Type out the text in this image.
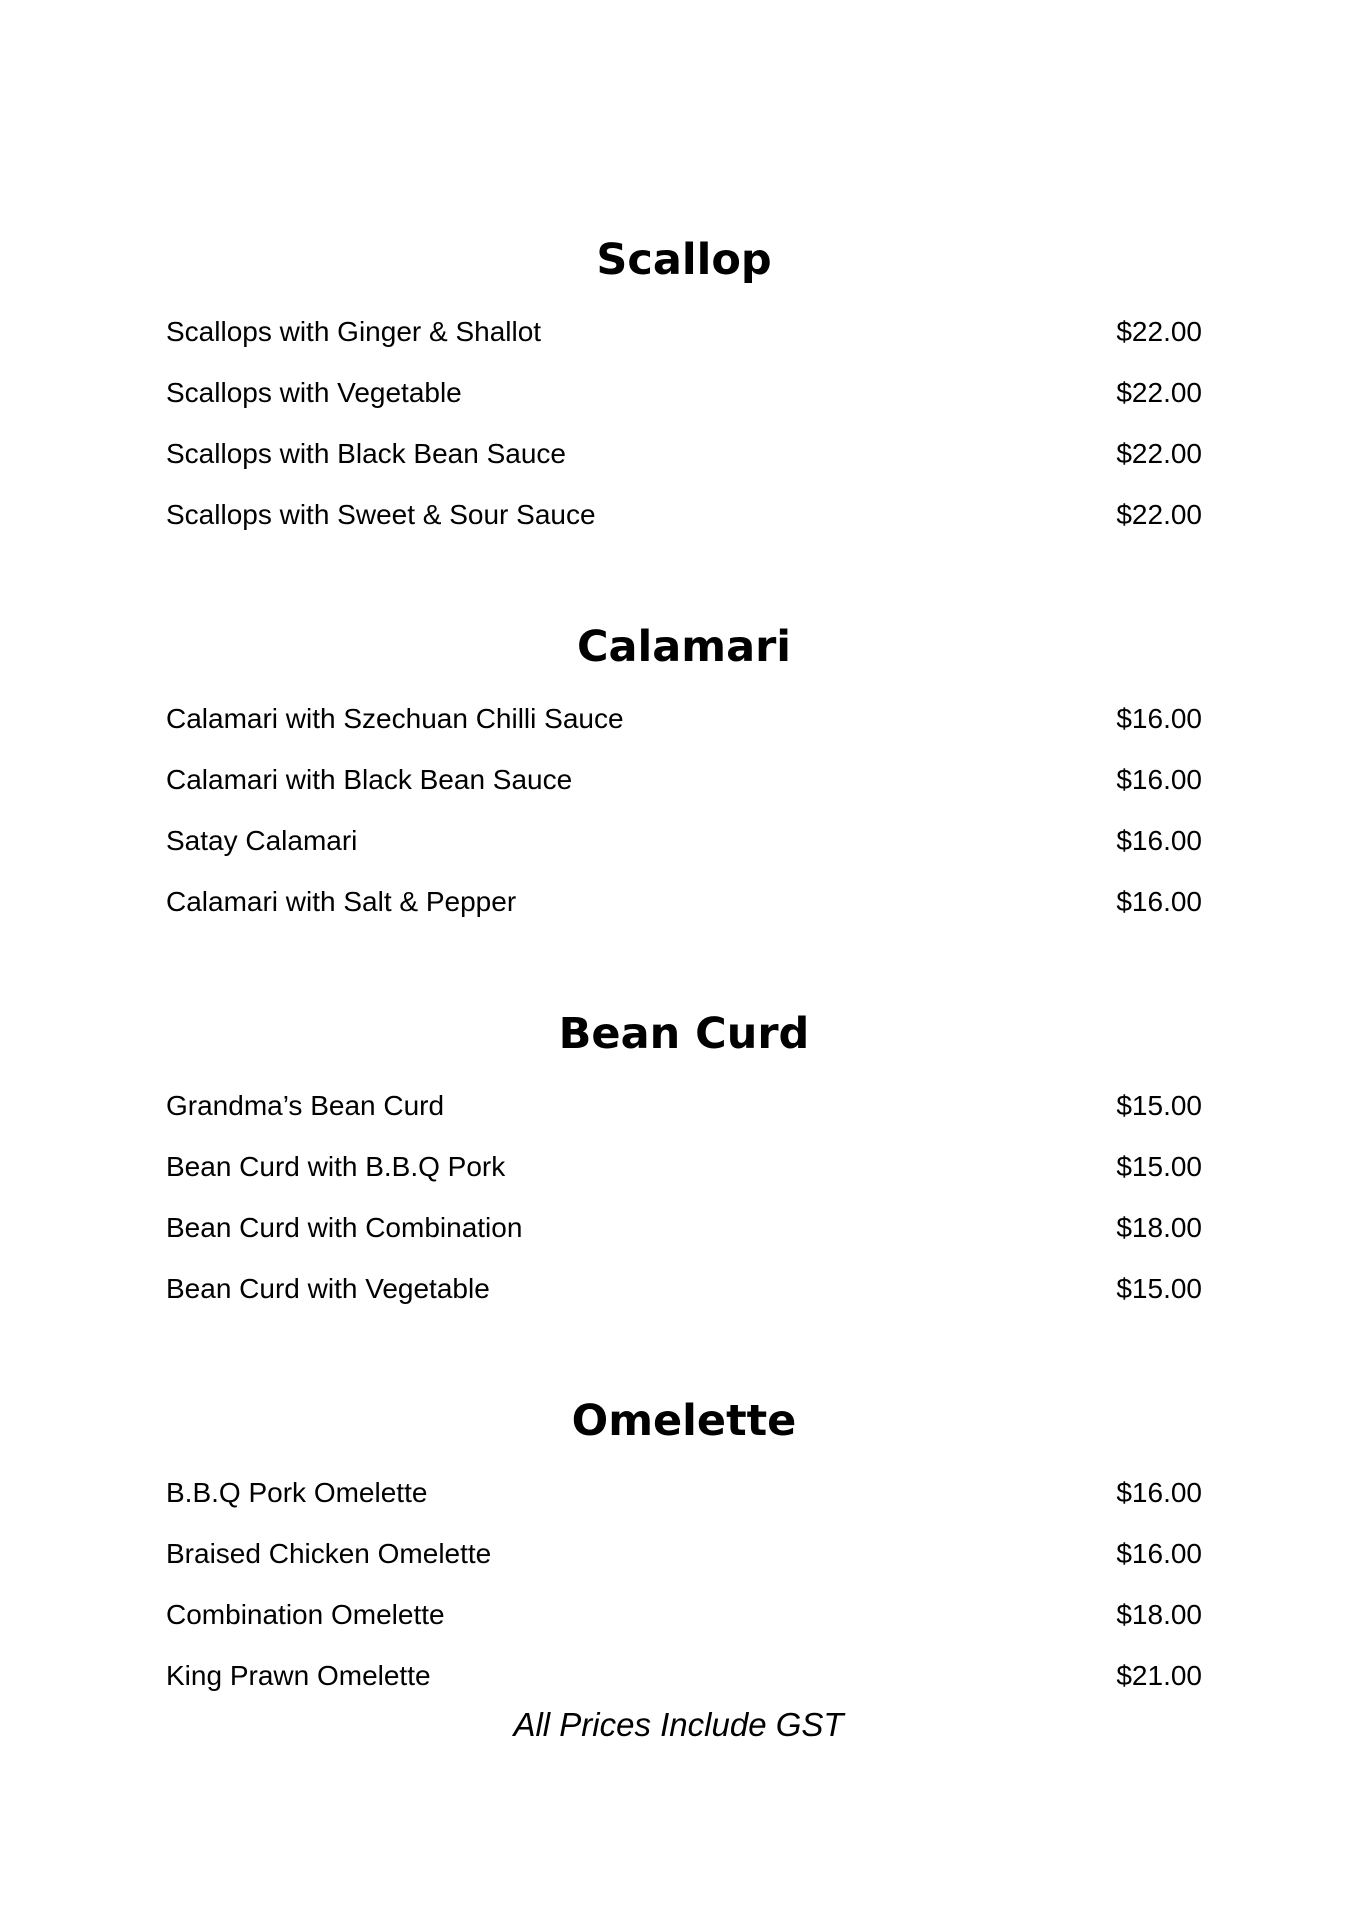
Scallop
Scallops with Ginger & Shallot	$22.00
Scallops with Vegetable	$22.00
Scallops with Black Bean Sauce	$22.00
Scallops with Sweet & Sour Sauce	$22.00
Calamari
Calamari with Szechuan Chilli Sauce	$16.00
Calamari with Black Bean Sauce	$16.00
Satay Calamari	$16.00
Calamari with Salt & Pepper	$16.00
Bean Curd
Grandma’s Bean Curd	$15.00
Bean Curd with B.B.Q Pork	$15.00
Bean Curd with Combination	$18.00
Bean Curd with Vegetable	$15.00
Omelette
B.B.Q Pork Omelette	$16.00
Braised Chicken Omelette	$16.00
Combination Omelette	$18.00
King Prawn Omelette	$21.00
All Prices Include GST
